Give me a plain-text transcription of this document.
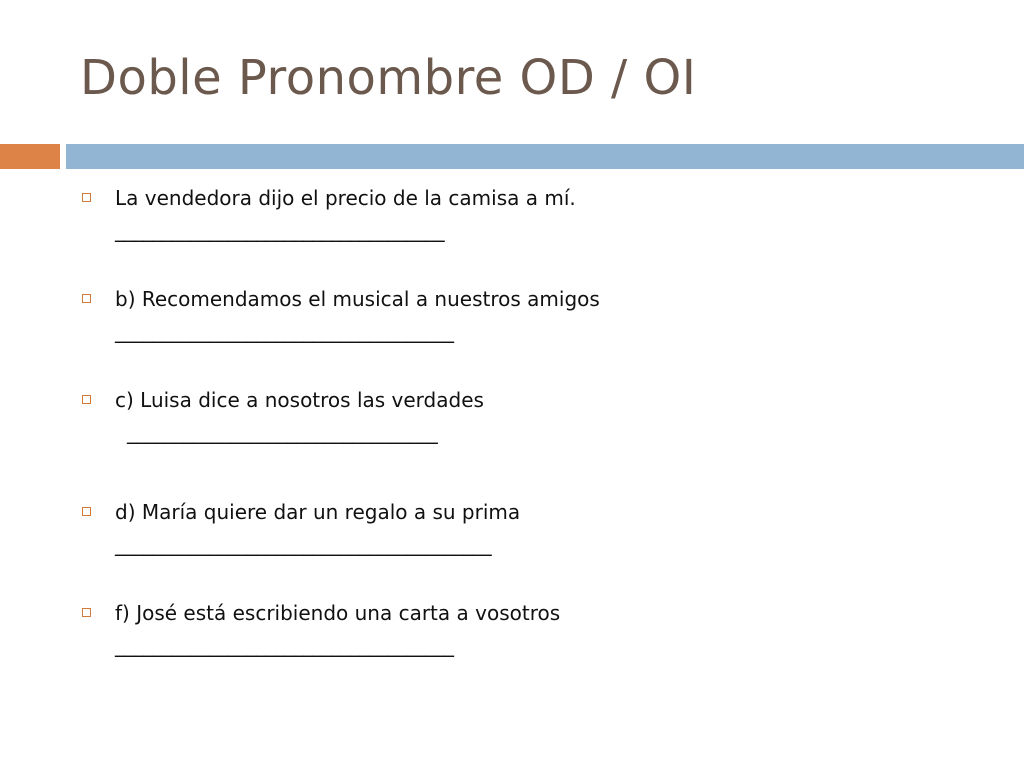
Doble Pronombre OD / OI
La vendedora dijo el precio de la camisa a mí.
___________________________________
b) Recomendamos el musical a nuestros amigos
____________________________________
c) Luisa dice a nosotros las verdades
_________________________________
d) María quiere dar un regalo a su prima
________________________________________
f) José está escribiendo una carta a vosotros
____________________________________
